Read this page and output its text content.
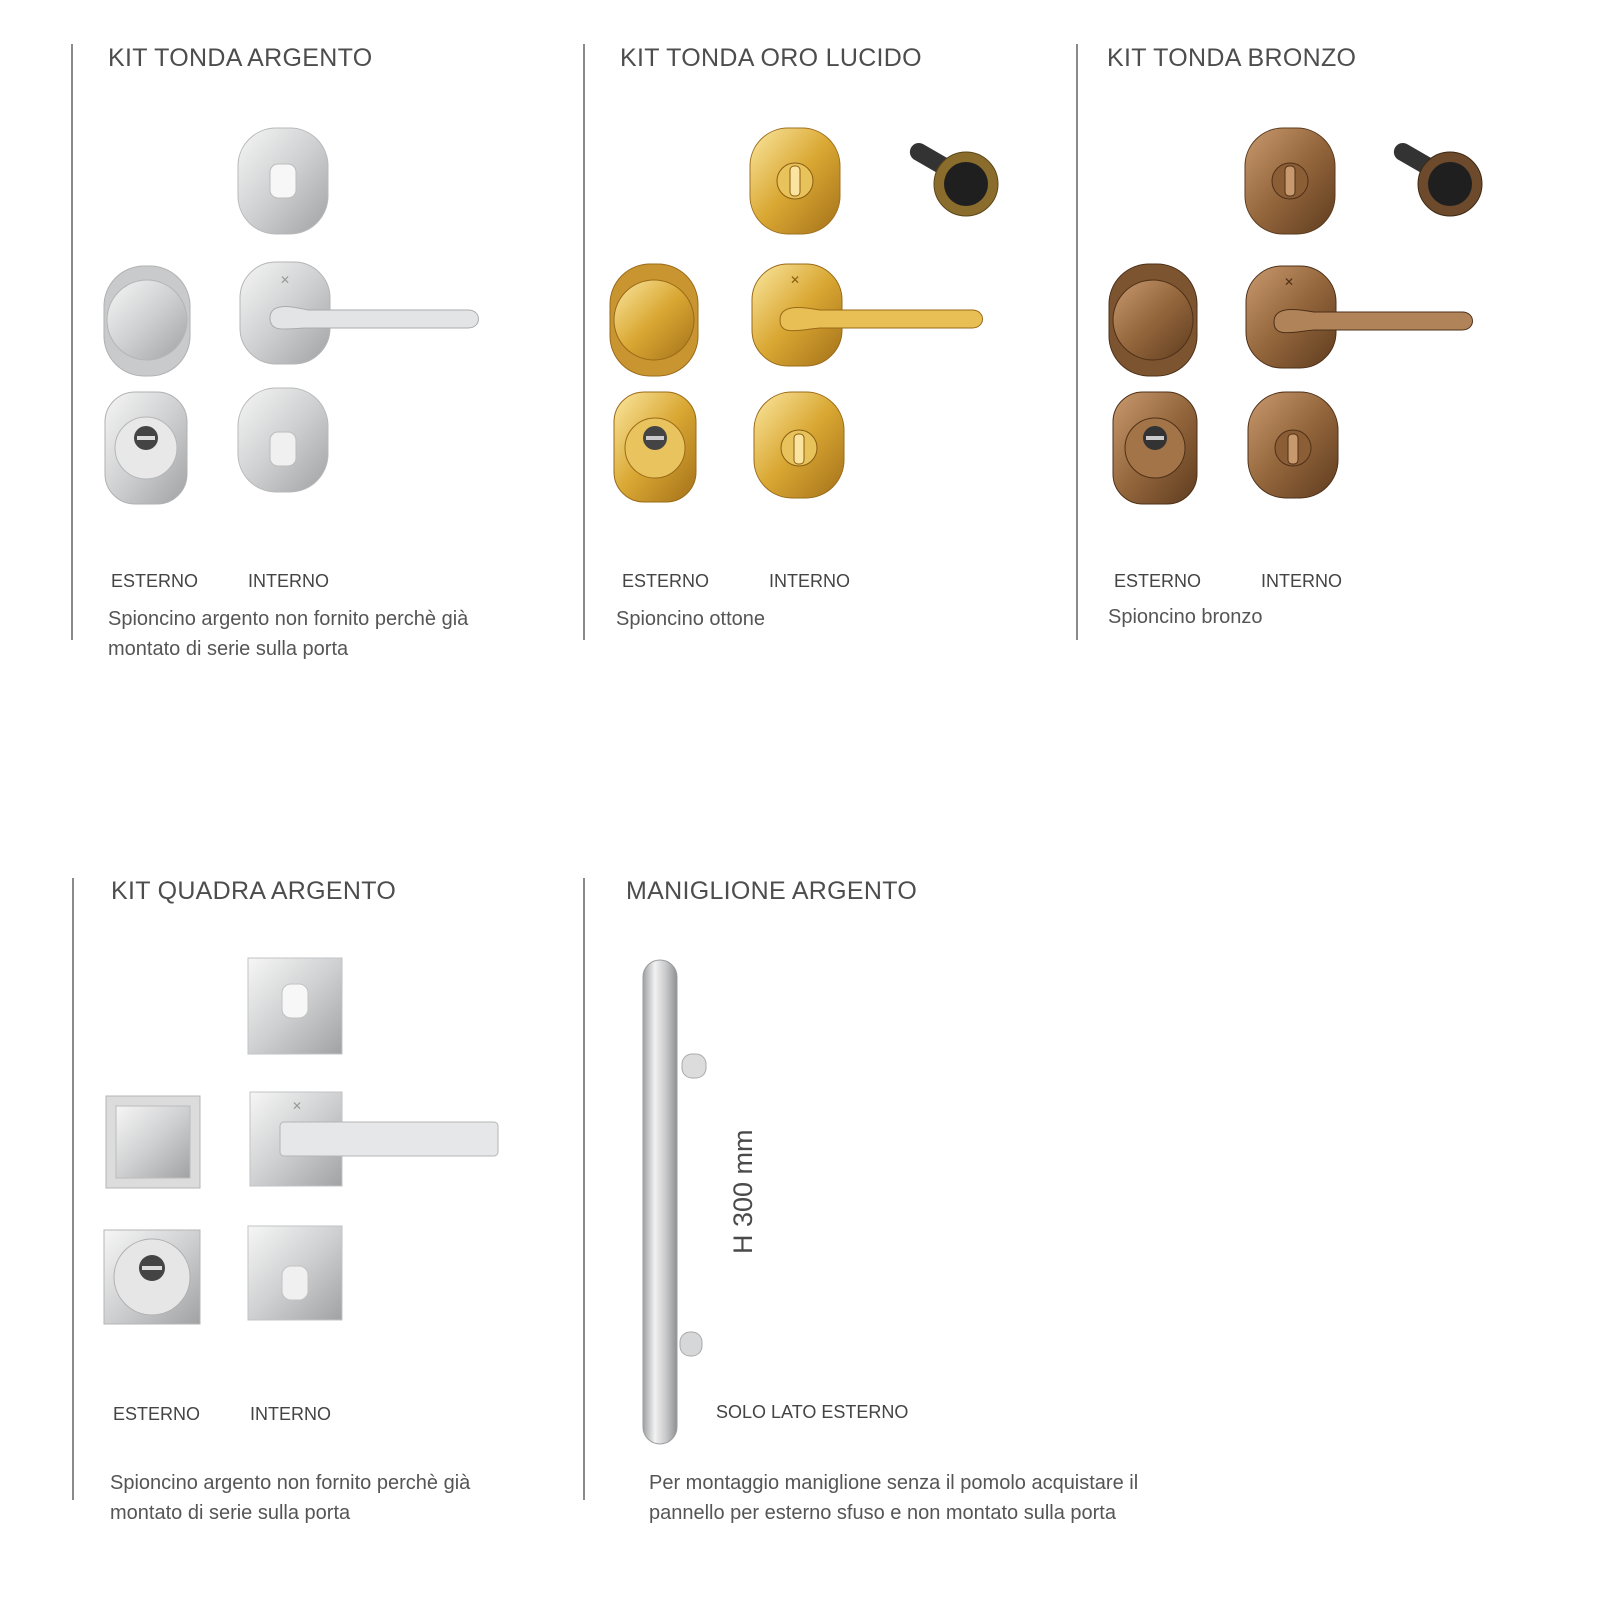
KIT TONDA ARGENTO
✕
ESTERNO	INTERNO
Spioncino argento non fornito perchè già
montato di serie sulla porta
KIT TONDA ORO LUCIDO
✕
ESTERNO	INTERNO
Spioncino ottone
KIT TONDA BRONZO
✕
ESTERNO	INTERNO
Spioncino bronzo
KIT QUADRA ARGENTO
✕
ESTERNO	INTERNO
Spioncino argento non fornito perchè già
montato di serie sulla porta
MANIGLIONE ARGENTO
H 300 mm
SOLO LATO ESTERNO
Per montaggio maniglione senza il pomolo acquistare il
pannello per esterno sfuso e non montato sulla porta
